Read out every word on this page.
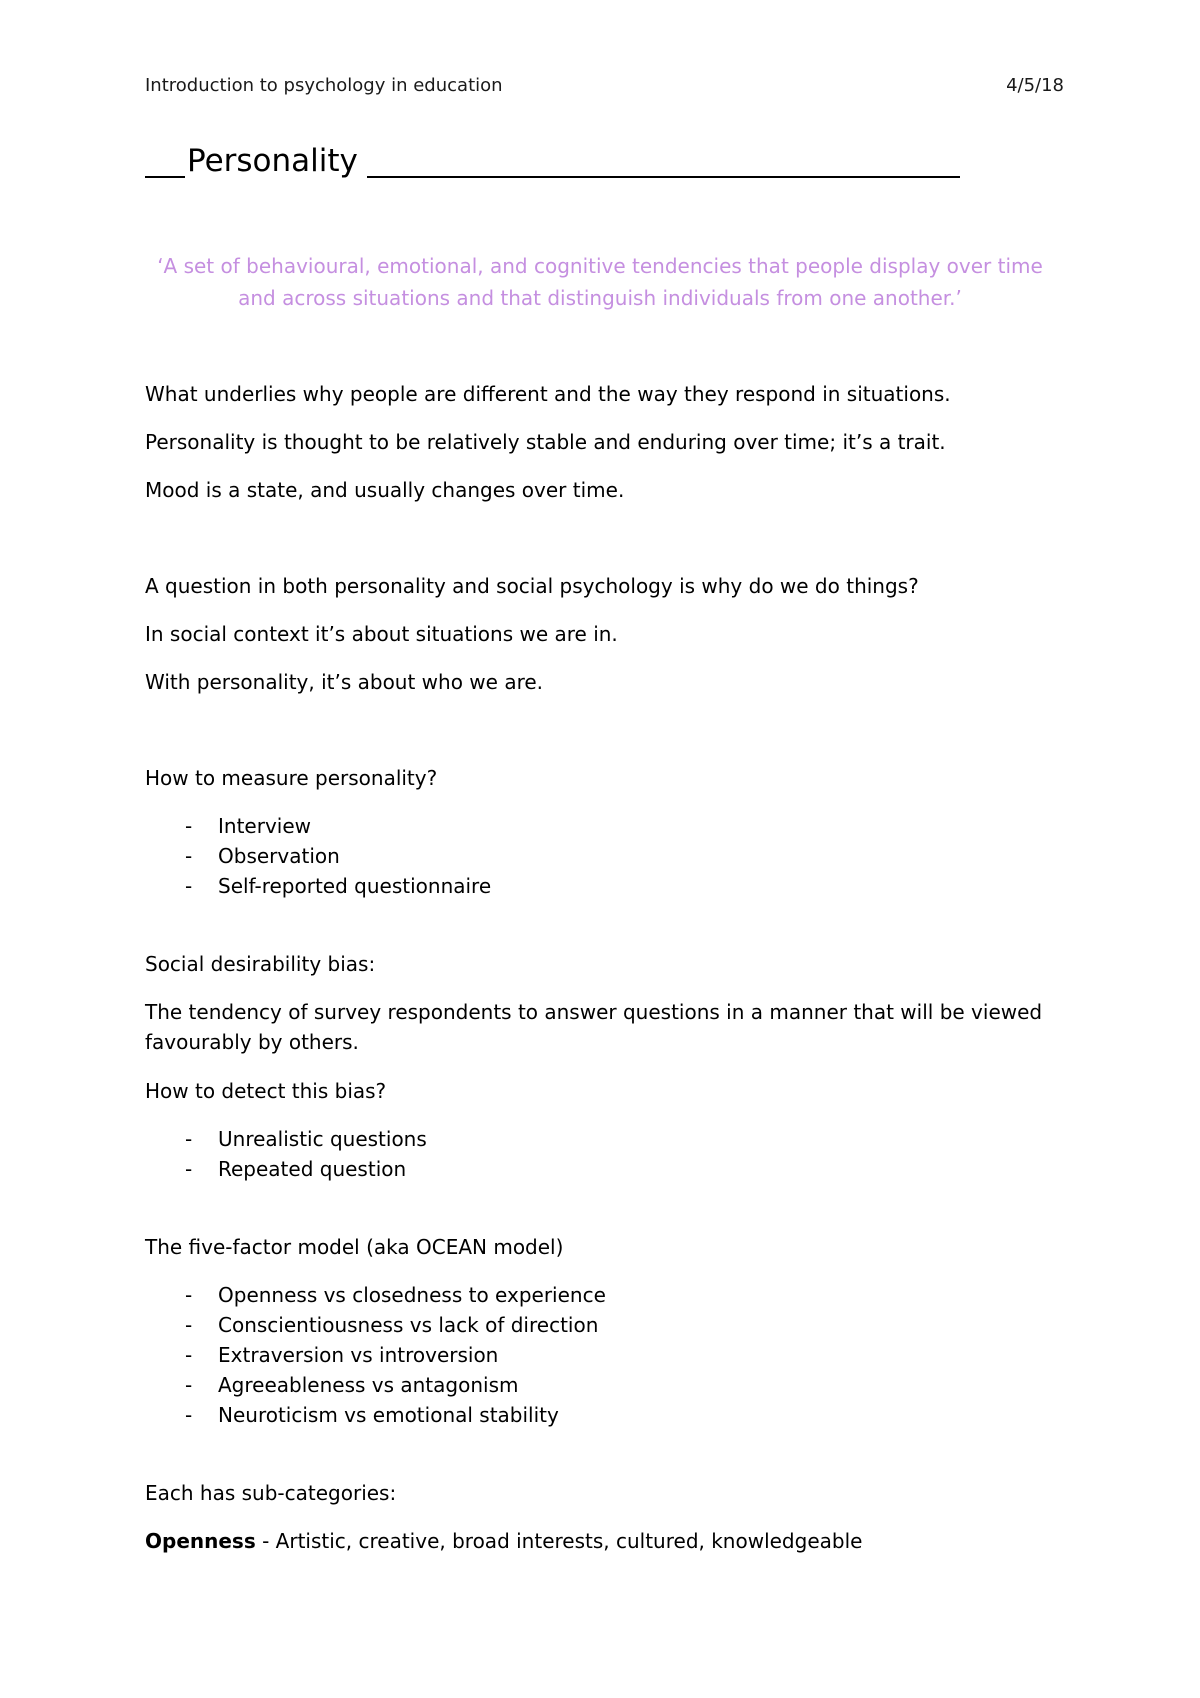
Introduction to psychology in education	4/5/18
Personality
‘A set of behavioural, emotional, and cognitive tendencies that people display over time
and across situations and that distinguish individuals from one another.’
What underlies why people are different and the way they respond in situations.
Personality is thought to be relatively stable and enduring over time; it’s a trait.
Mood is a state, and usually changes over time.
A question in both personality and social psychology is why do we do things?
In social context it’s about situations we are in.
With personality, it’s about who we are.
How to measure personality?
- Interview
- Observation
- Self-reported questionnaire
Social desirability bias:
The tendency of survey respondents to answer questions in a manner that will be viewed
favourably by others.
How to detect this bias?
- Unrealistic questions
- Repeated question
The five-factor model (aka OCEAN model)
- Openness vs closedness to experience
- Conscientiousness vs lack of direction
- Extraversion vs introversion
- Agreeableness vs antagonism
- Neuroticism vs emotional stability
Each has sub-categories:
Openness - Artistic, creative, broad interests, cultured, knowledgeable
